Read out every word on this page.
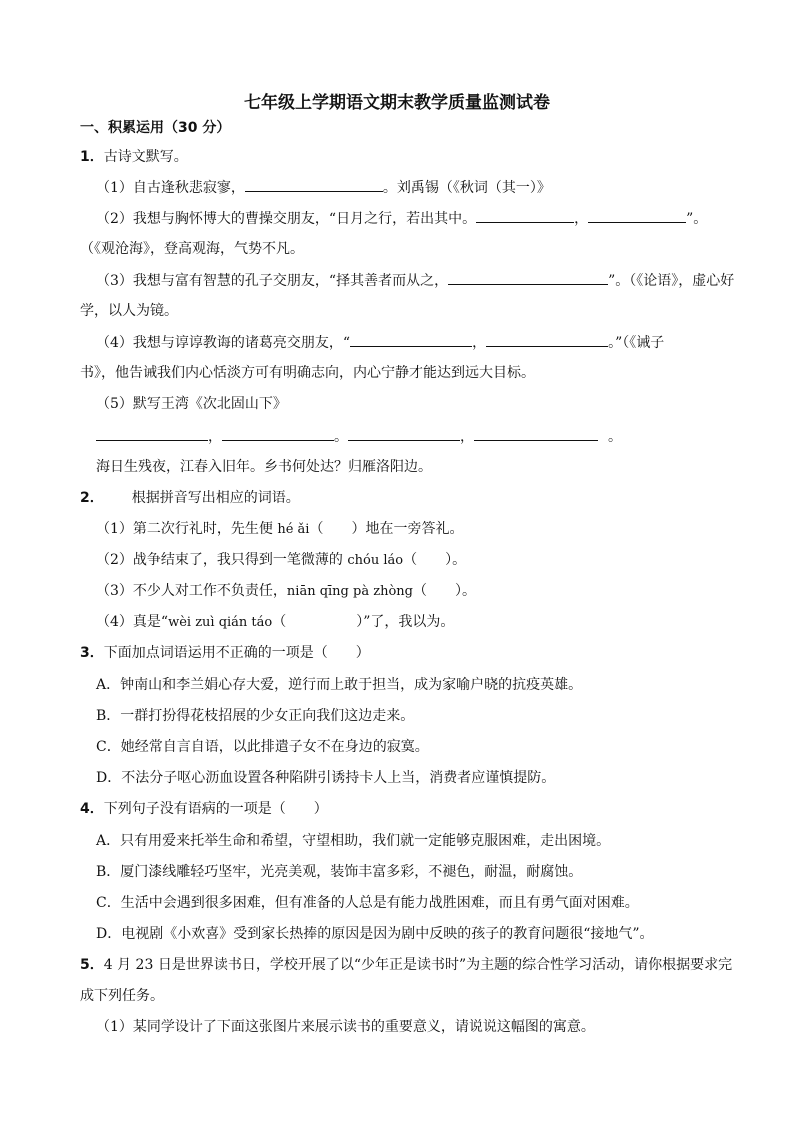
七年级上学期语文期末教学质量监测试卷
一、积累运用（30 分）
1．古诗文默写。
（1）自古逢秋悲寂寥，	。刘禹锡（《秋词（其一）》
（2）我想与胸怀博大的曹操交朋友，“日月之行，若出其中。	，	”。
（《观沧海》，登高观海，气势不凡。
（3）我想与富有智慧的孔子交朋友，“择其善者而从之，	”。（《论语》，虚心好
学，以人为镜。
（4）我想与谆谆教诲的诸葛亮交朋友，“	，	。”（《诫子
书》，他告诫我们内心恬淡方可有明确志向，内心宁静才能达到远大目标。
（5）默写王湾《次北固山下》
，	。	，	。
海日生残夜，江春入旧年。乡书何处达？归雁洛阳边。
2． 根据拼音写出相应的词语。
（1）第二次行礼时，先生便 hé ǎi（　　）地在一旁答礼。
（2）战争结束了，我只得到一笔微薄的 chóu láo（　　）。
（3）不少人对工作不负责任，niān qīng pà zhòng（　　）。
（4）真是“wèi zuì qián táo（　　　　　）”了，我以为。
3．下面加点词语运用不正确的一项是（　　）
A．钟南山和李兰娟心存大爱，逆行而上敢于担当，成为家喻户晓的抗疫英雄。
B．一群打扮得花枝招展的少女正向我们这边走来。
C．她经常自言自语，以此排遣子女不在身边的寂寞。
D．不法分子呕心沥血设置各种陷阱引诱持卡人上当，消费者应谨慎提防。
4．下列句子没有语病的一项是（　　）
A．只有用爱来托举生命和希望，守望相助，我们就一定能够克服困难，走出困境。
B．厦门漆线雕轻巧坚牢，光亮美观，装饰丰富多彩，不褪色，耐温，耐腐蚀。
C．生活中会遇到很多困难，但有准备的人总是有能力战胜困难，而且有勇气面对困难。
D．电视剧《小欢喜》受到家长热捧的原因是因为剧中反映的孩子的教育问题很“接地气”。
5．4 月 23 日是世界读书日，学校开展了以“少年正是读书时”为主题的综合性学习活动，请你根据要求完
成下列任务。
（1）某同学设计了下面这张图片来展示读书的重要意义，请说说这幅图的寓意。
